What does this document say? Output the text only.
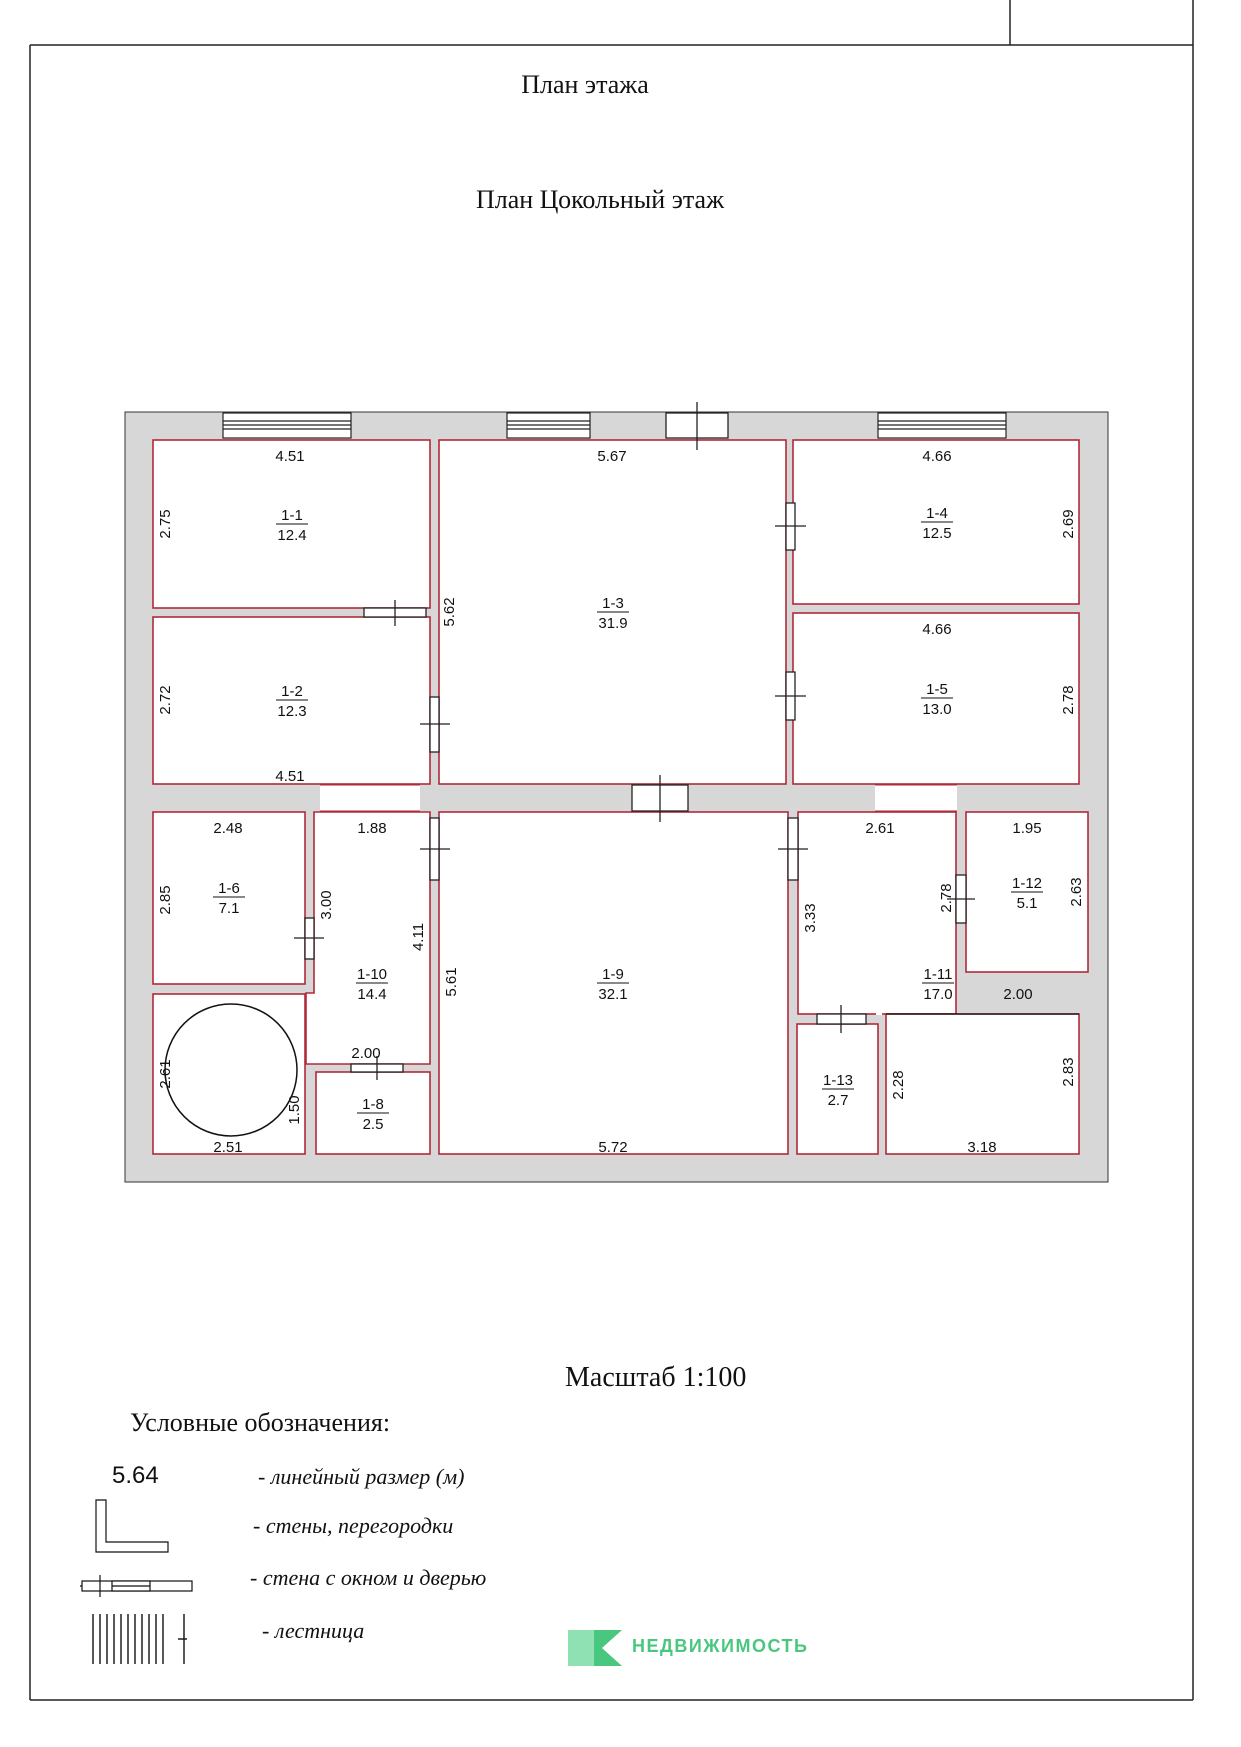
1-1
12.4
1-2
12.3
1-3
31.9
1-4
12.5
1-5
13.0
1-6
7.1
1-8
2.5
1-9
32.1
1-10
14.4
1-11
17.0
1-12
5.1
1-13
2.7
4.51
2.75
5.67	4.66
2.69
5.62
2.72
4.51
4.66
2.78
2.48	1.88
2.85	3.00
4.11
2.61	1.95
3.33
2.78	2.63
5.61
2.00
2.00
2.61
1.50
2.51
2.28	2.83
5.72	3.18
План этажа
План Цокольный этаж
Масштаб 1:100
Условные обозначения:
5.64	- линейный размер (м)
- стены, перегородки
- стена с окном и дверью
- лестница
НЕДВИЖИМОСТЬ
